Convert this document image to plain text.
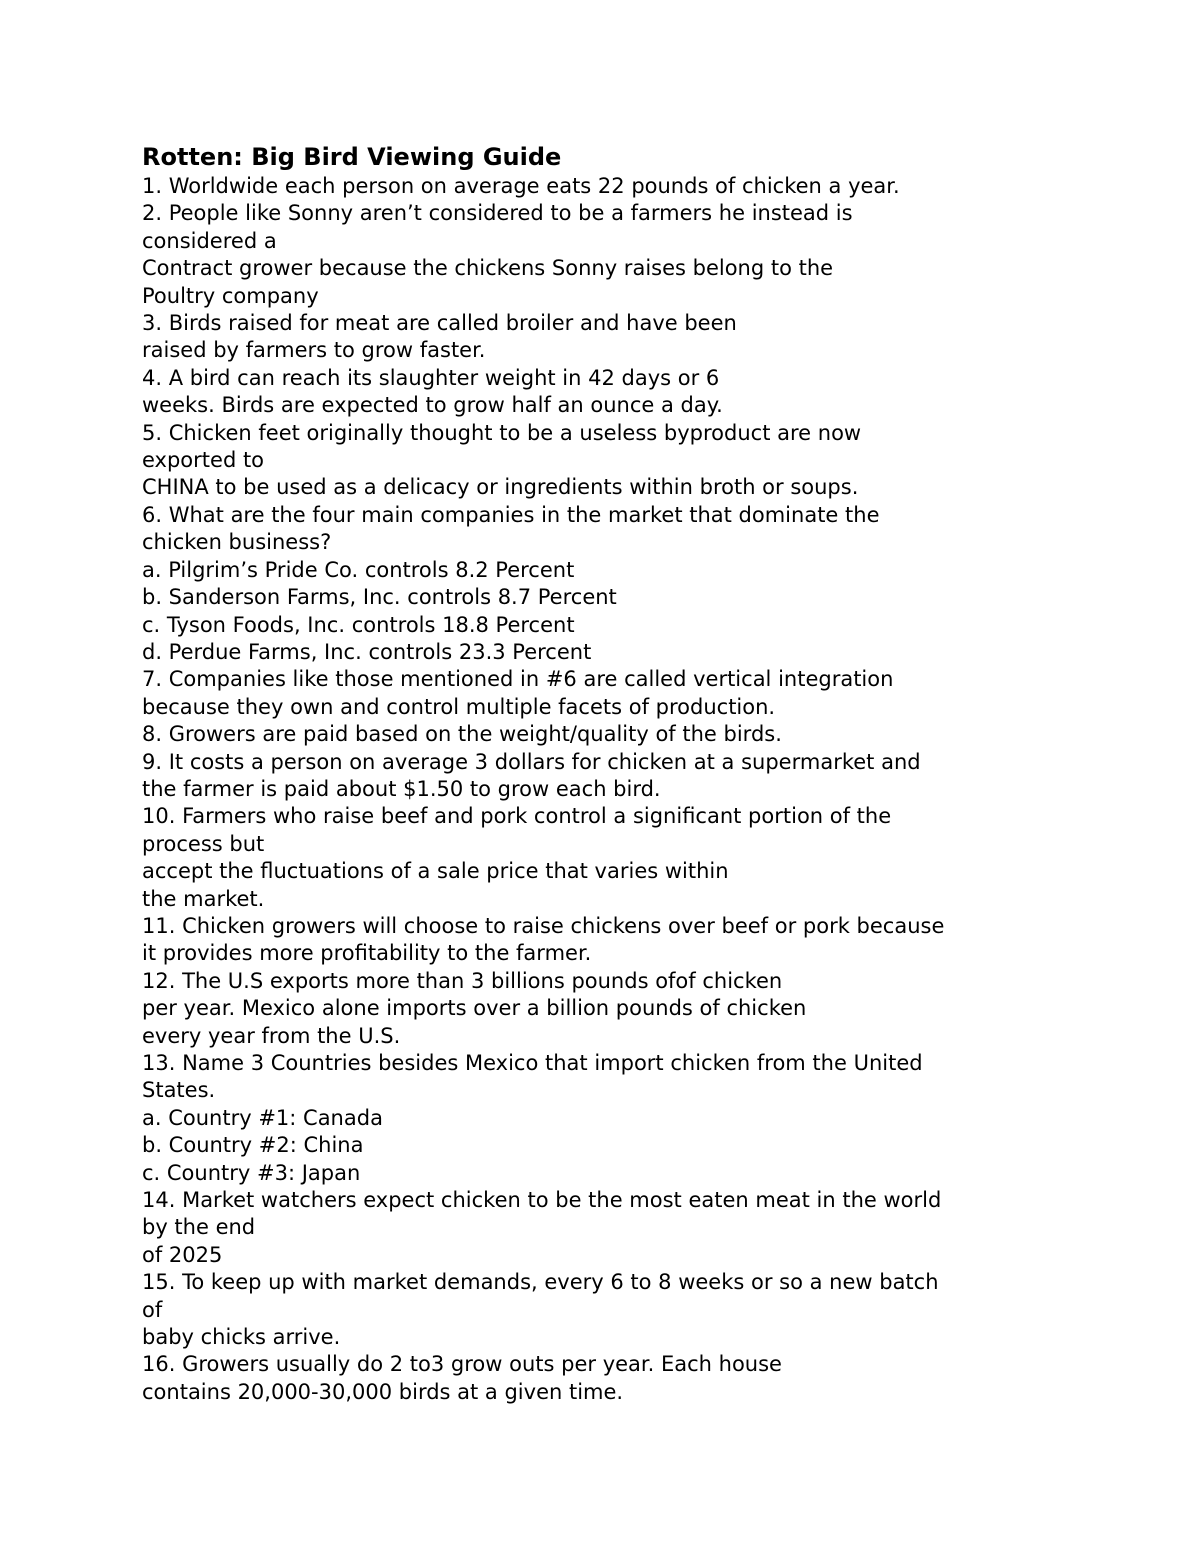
Rotten: Big Bird Viewing Guide
1. Worldwide each person on average eats 22 pounds of chicken a year.
2. People like Sonny aren’t considered to be a farmers he instead is
considered a
Contract grower because the chickens Sonny raises belong to the
Poultry company
3. Birds raised for meat are called broiler and have been
raised by farmers to grow faster.
4. A bird can reach its slaughter weight in 42 days or 6
weeks. Birds are expected to grow half an ounce a day.
5. Chicken feet originally thought to be a useless byproduct are now
exported to
CHINA to be used as a delicacy or ingredients within broth or soups.
6. What are the four main companies in the market that dominate the
chicken business?
a. Pilgrim’s Pride Co. controls 8.2 Percent
b. Sanderson Farms, Inc. controls 8.7 Percent
c. Tyson Foods, Inc. controls 18.8 Percent
d. Perdue Farms, Inc. controls 23.3 Percent
7. Companies like those mentioned in #6 are called vertical integration
because they own and control multiple facets of production.
8. Growers are paid based on the weight/quality of the birds.
9. It costs a person on average 3 dollars for chicken at a supermarket and
the farmer is paid about $1.50 to grow each bird.
10. Farmers who raise beef and pork control a significant portion of the
process but
accept the fluctuations of a sale price that varies within
the market.
11. Chicken growers will choose to raise chickens over beef or pork because
it provides more profitability to the farmer.
12. The U.S exports more than 3 billions pounds ofof chicken
per year. Mexico alone imports over a billion pounds of chicken
every year from the U.S.
13. Name 3 Countries besides Mexico that import chicken from the United
States.
a. Country #1: Canada
b. Country #2: China
c. Country #3: Japan
14. Market watchers expect chicken to be the most eaten meat in the world
by the end
of 2025
15. To keep up with market demands, every 6 to 8 weeks or so a new batch
of
baby chicks arrive.
16. Growers usually do 2 to3 grow outs per year. Each house
contains 20,000-30,000 birds at a given time.
